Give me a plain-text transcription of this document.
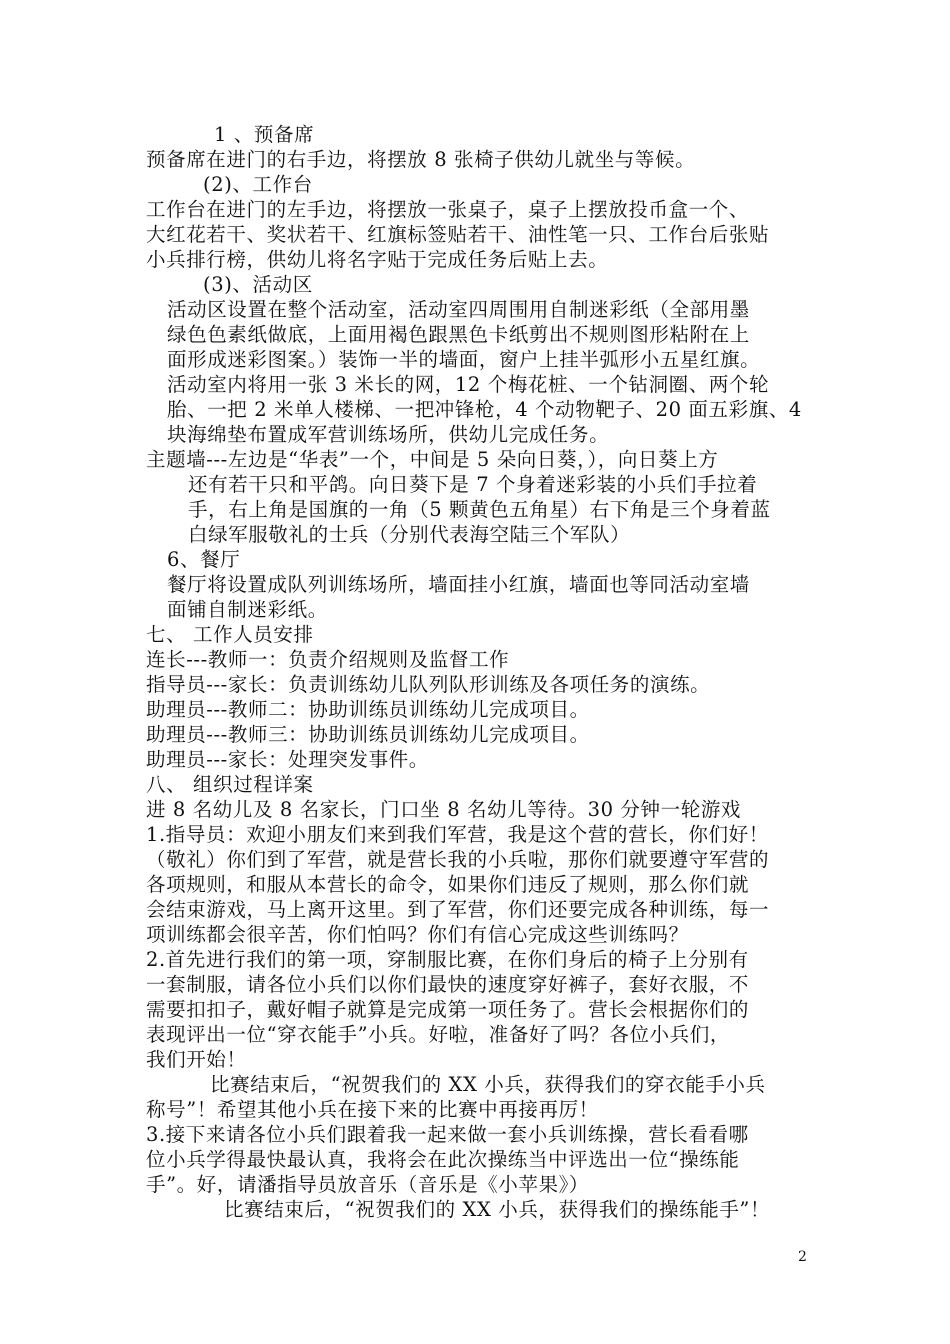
1 、预备席
预备席在进门的右手边，将摆放 8 张椅子供幼儿就坐与等候。
(2)、工作台
工作台在进门的左手边，将摆放一张桌子，桌子上摆放投币盒一个、
大红花若干、奖状若干、红旗标签贴若干、油性笔一只、工作台后张贴
小兵排行榜，供幼儿将名字贴于完成任务后贴上去。
(3)、活动区
活动区设置在整个活动室，活动室四周围用自制迷彩纸（全部用墨
绿色色素纸做底，上面用褐色跟黑色卡纸剪出不规则图形粘附在上
面形成迷彩图案。）装饰一半的墙面，窗户上挂半弧形小五星红旗。
活动室内将用一张 3 米长的网，12 个梅花桩、一个钻洞圈、两个轮
胎、一把 2 米单人楼梯、一把冲锋枪，4 个动物靶子、20 面五彩旗、4
块海绵垫布置成军营训练场所，供幼儿完成任务。
主题墙---左边是“华表”一个，中间是 5 朵向日葵，），向日葵上方
还有若干只和平鸽。向日葵下是 7 个身着迷彩装的小兵们手拉着
手，右上角是国旗的一角（5 颗黄色五角星）右下角是三个身着蓝
白绿军服敬礼的士兵（分别代表海空陆三个军队）
6、餐厅
餐厅将设置成队列训练场所，墙面挂小红旗，墙面也等同活动室墙
面铺自制迷彩纸。
七、 工作人员安排
连长---教师一：负责介绍规则及监督工作
指导员---家长：负责训练幼儿队列队形训练及各项任务的演练。
助理员---教师二：协助训练员训练幼儿完成项目。
助理员---教师三：协助训练员训练幼儿完成项目。
助理员---家长：处理突发事件。
八、 组织过程详案
进 8 名幼儿及 8 名家长，门口坐 8 名幼儿等待。30 分钟一轮游戏
1.指导员：欢迎小朋友们来到我们军营，我是这个营的营长，你们好！
（敬礼）你们到了军营，就是营长我的小兵啦，那你们就要遵守军营的
各项规则，和服从本营长的命令，如果你们违反了规则，那么你们就
会结束游戏，马上离开这里。到了军营，你们还要完成各种训练，每一
项训练都会很辛苦，你们怕吗？你们有信心完成这些训练吗？
2.首先进行我们的第一项，穿制服比赛，在你们身后的椅子上分别有
一套制服，请各位小兵们以你们最快的速度穿好裤子，套好衣服，不
需要扣扣子，戴好帽子就算是完成第一项任务了。营长会根据你们的
表现评出一位“穿衣能手”小兵。好啦，准备好了吗？各位小兵们，
我们开始！
比赛结束后，“祝贺我们的 XX 小兵，获得我们的穿衣能手小兵
称号”！希望其他小兵在接下来的比赛中再接再厉！
3.接下来请各位小兵们跟着我一起来做一套小兵训练操，营长看看哪
位小兵学得最快最认真，我将会在此次操练当中评选出一位“操练能
手”。好，请潘指导员放音乐（音乐是《小苹果》）
比赛结束后，“祝贺我们的 XX 小兵，获得我们的操练能手”！
2
